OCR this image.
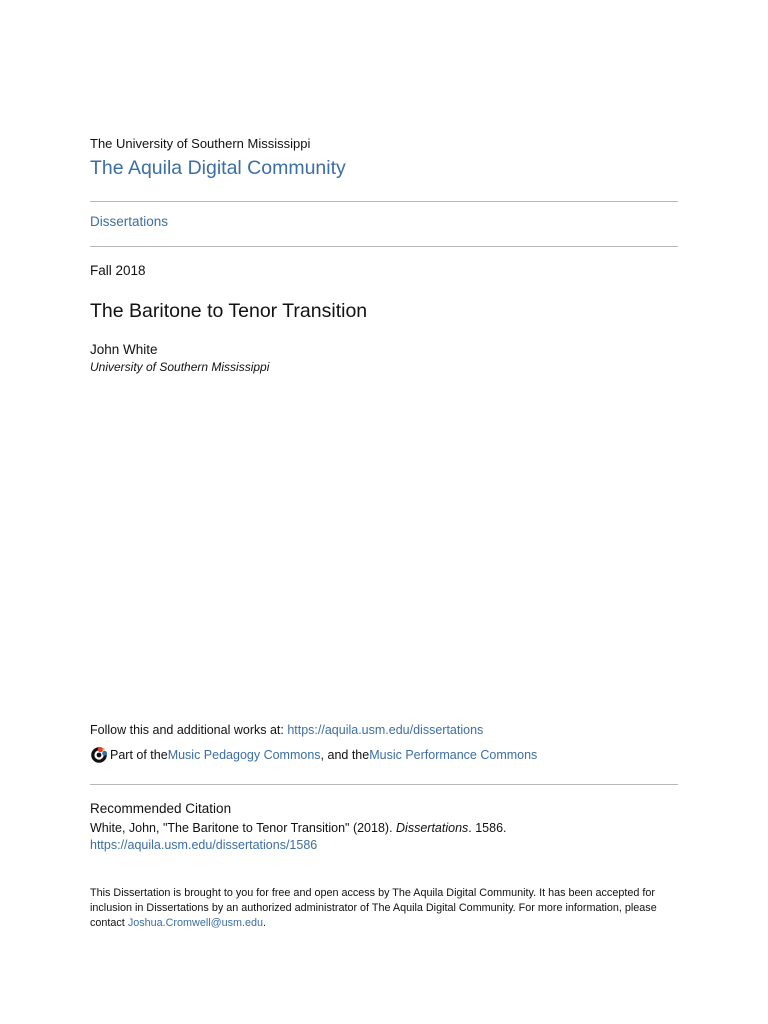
The University of Southern Mississippi
The Aquila Digital Community
Dissertations
Fall 2018
The Baritone to Tenor Transition
John White
University of Southern Mississippi
Follow this and additional works at: https://aquila.usm.edu/dissertations
Part of the Music Pedagogy Commons , and the Music Performance Commons
Recommended Citation
White, John, "The Baritone to Tenor Transition" (2018). Dissertations. 1586.
https://aquila.usm.edu/dissertations/1586
This Dissertation is brought to you for free and open access by The Aquila Digital Community. It has been accepted for inclusion in Dissertations by an authorized administrator of The Aquila Digital Community. For more information, please contact Joshua.Cromwell@usm.edu.
